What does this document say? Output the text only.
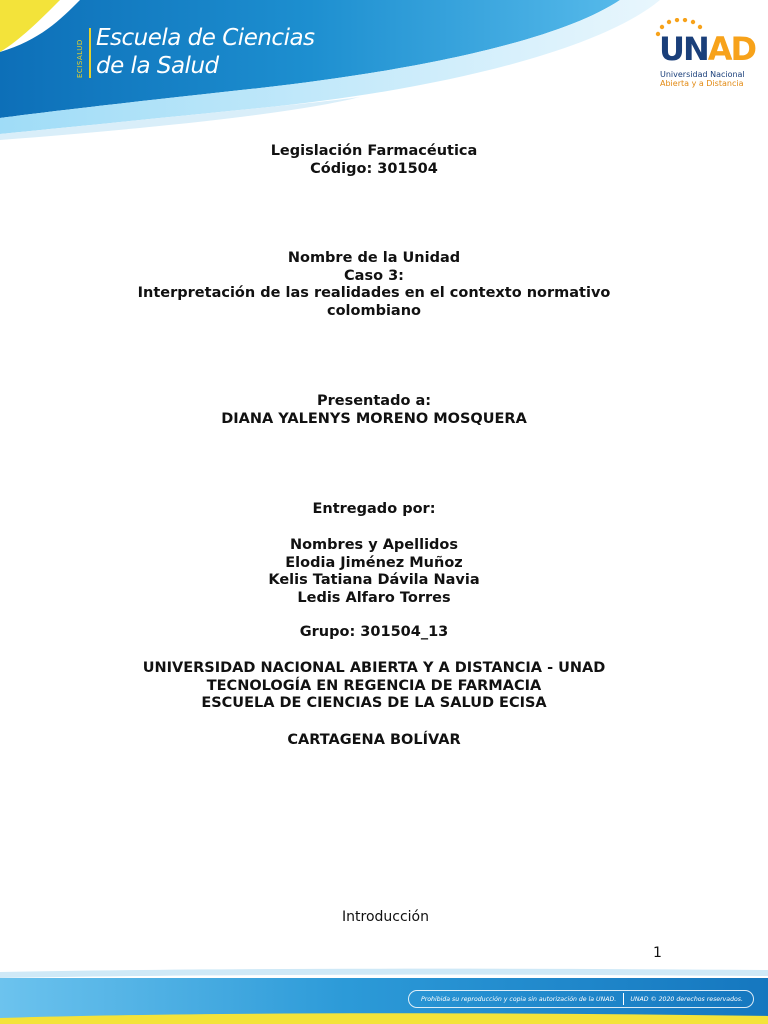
ECISALUD
Escuela de Ciencias
de la Salud	UNAD
Universidad Nacional
Abierta y a Distancia

Legislación Farmacéutica

Código: 301504

Nombre de la Unidad

Caso 3:

Interpretación de las realidades en el contexto normativo

colombiano

Presentado a:

DIANA YALENYS MORENO MOSQUERA

Entregado por:

Nombres y Apellidos

Elodia Jiménez Muñoz

Kelis Tatiana Dávila Navia

Ledis Alfaro Torres

Grupo: 301504_13

UNIVERSIDAD NACIONAL ABIERTA Y A DISTANCIA - UNAD

TECNOLOGÍA EN REGENCIA DE FARMACIA

ESCUELA DE CIENCIAS DE LA SALUD ECISA

CARTAGENA BOLÍVAR

Introducción
1
Prohibida su reproducción y copia sin autorización de la UNAD. UNAD © 2020 derechos reservados.
